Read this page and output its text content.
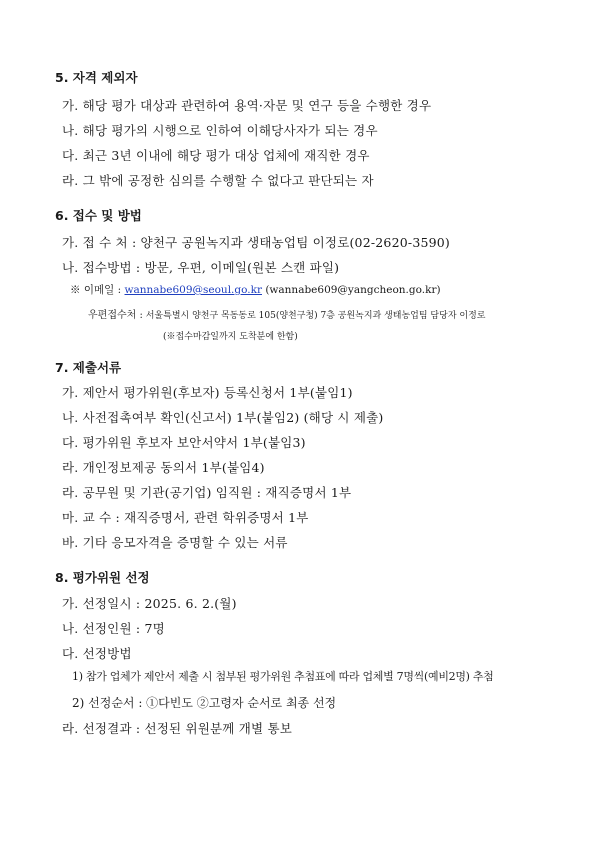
5. 자격 제외자
가. 해당 평가 대상과 관련하여 용역·자문 및 연구 등을 수행한 경우
나. 해당 평가의 시행으로 인하여 이해당사자가 되는 경우
다. 최근 3년 이내에 해당 평가 대상 업체에 재직한 경우
라. 그 밖에 공정한 심의를 수행할 수 없다고 판단되는 자
6. 접수 및 방법
가. 접 수 처 : 양천구 공원녹지과 생태농업팀 이정로(02-2620-3590)
나. 접수방법 : 방문, 우편, 이메일(원본 스캔 파일)
※ 이메일 : wannabe609@seoul.go.kr (wannabe609@yangcheon.go.kr)
우편접수처 : 서울특별시 양천구 목동동로 105(양천구청) 7층 공원녹지과 생태농업팀 담당자 이정로
(※접수마감일까지 도착분에 한함)
7. 제출서류
가. 제안서 평가위원(후보자) 등록신청서 1부(붙임1)
나. 사전접촉여부 확인(신고서) 1부(붙임2) (해당 시 제출)
다. 평가위원 후보자 보안서약서 1부(붙임3)
라. 개인정보제공 동의서 1부(붙임4)
라. 공무원 및 기관(공기업) 임직원 : 재직증명서 1부
마. 교 수 : 재직증명서, 관련 학위증명서 1부
바. 기타 응모자격을 증명할 수 있는 서류
8. 평가위원 선정
가. 선정일시 : 2025. 6. 2.(월)
나. 선정인원 : 7명
다. 선정방법
1) 참가 업체가 제안서 제출 시 첨부된 평가위원 추첨표에 따라 업체별 7명씩(예비2명) 추첨
2) 선정순서 : ①다빈도 ②고령자 순서로 최종 선정
라. 선정결과 : 선정된 위원분께 개별 통보
